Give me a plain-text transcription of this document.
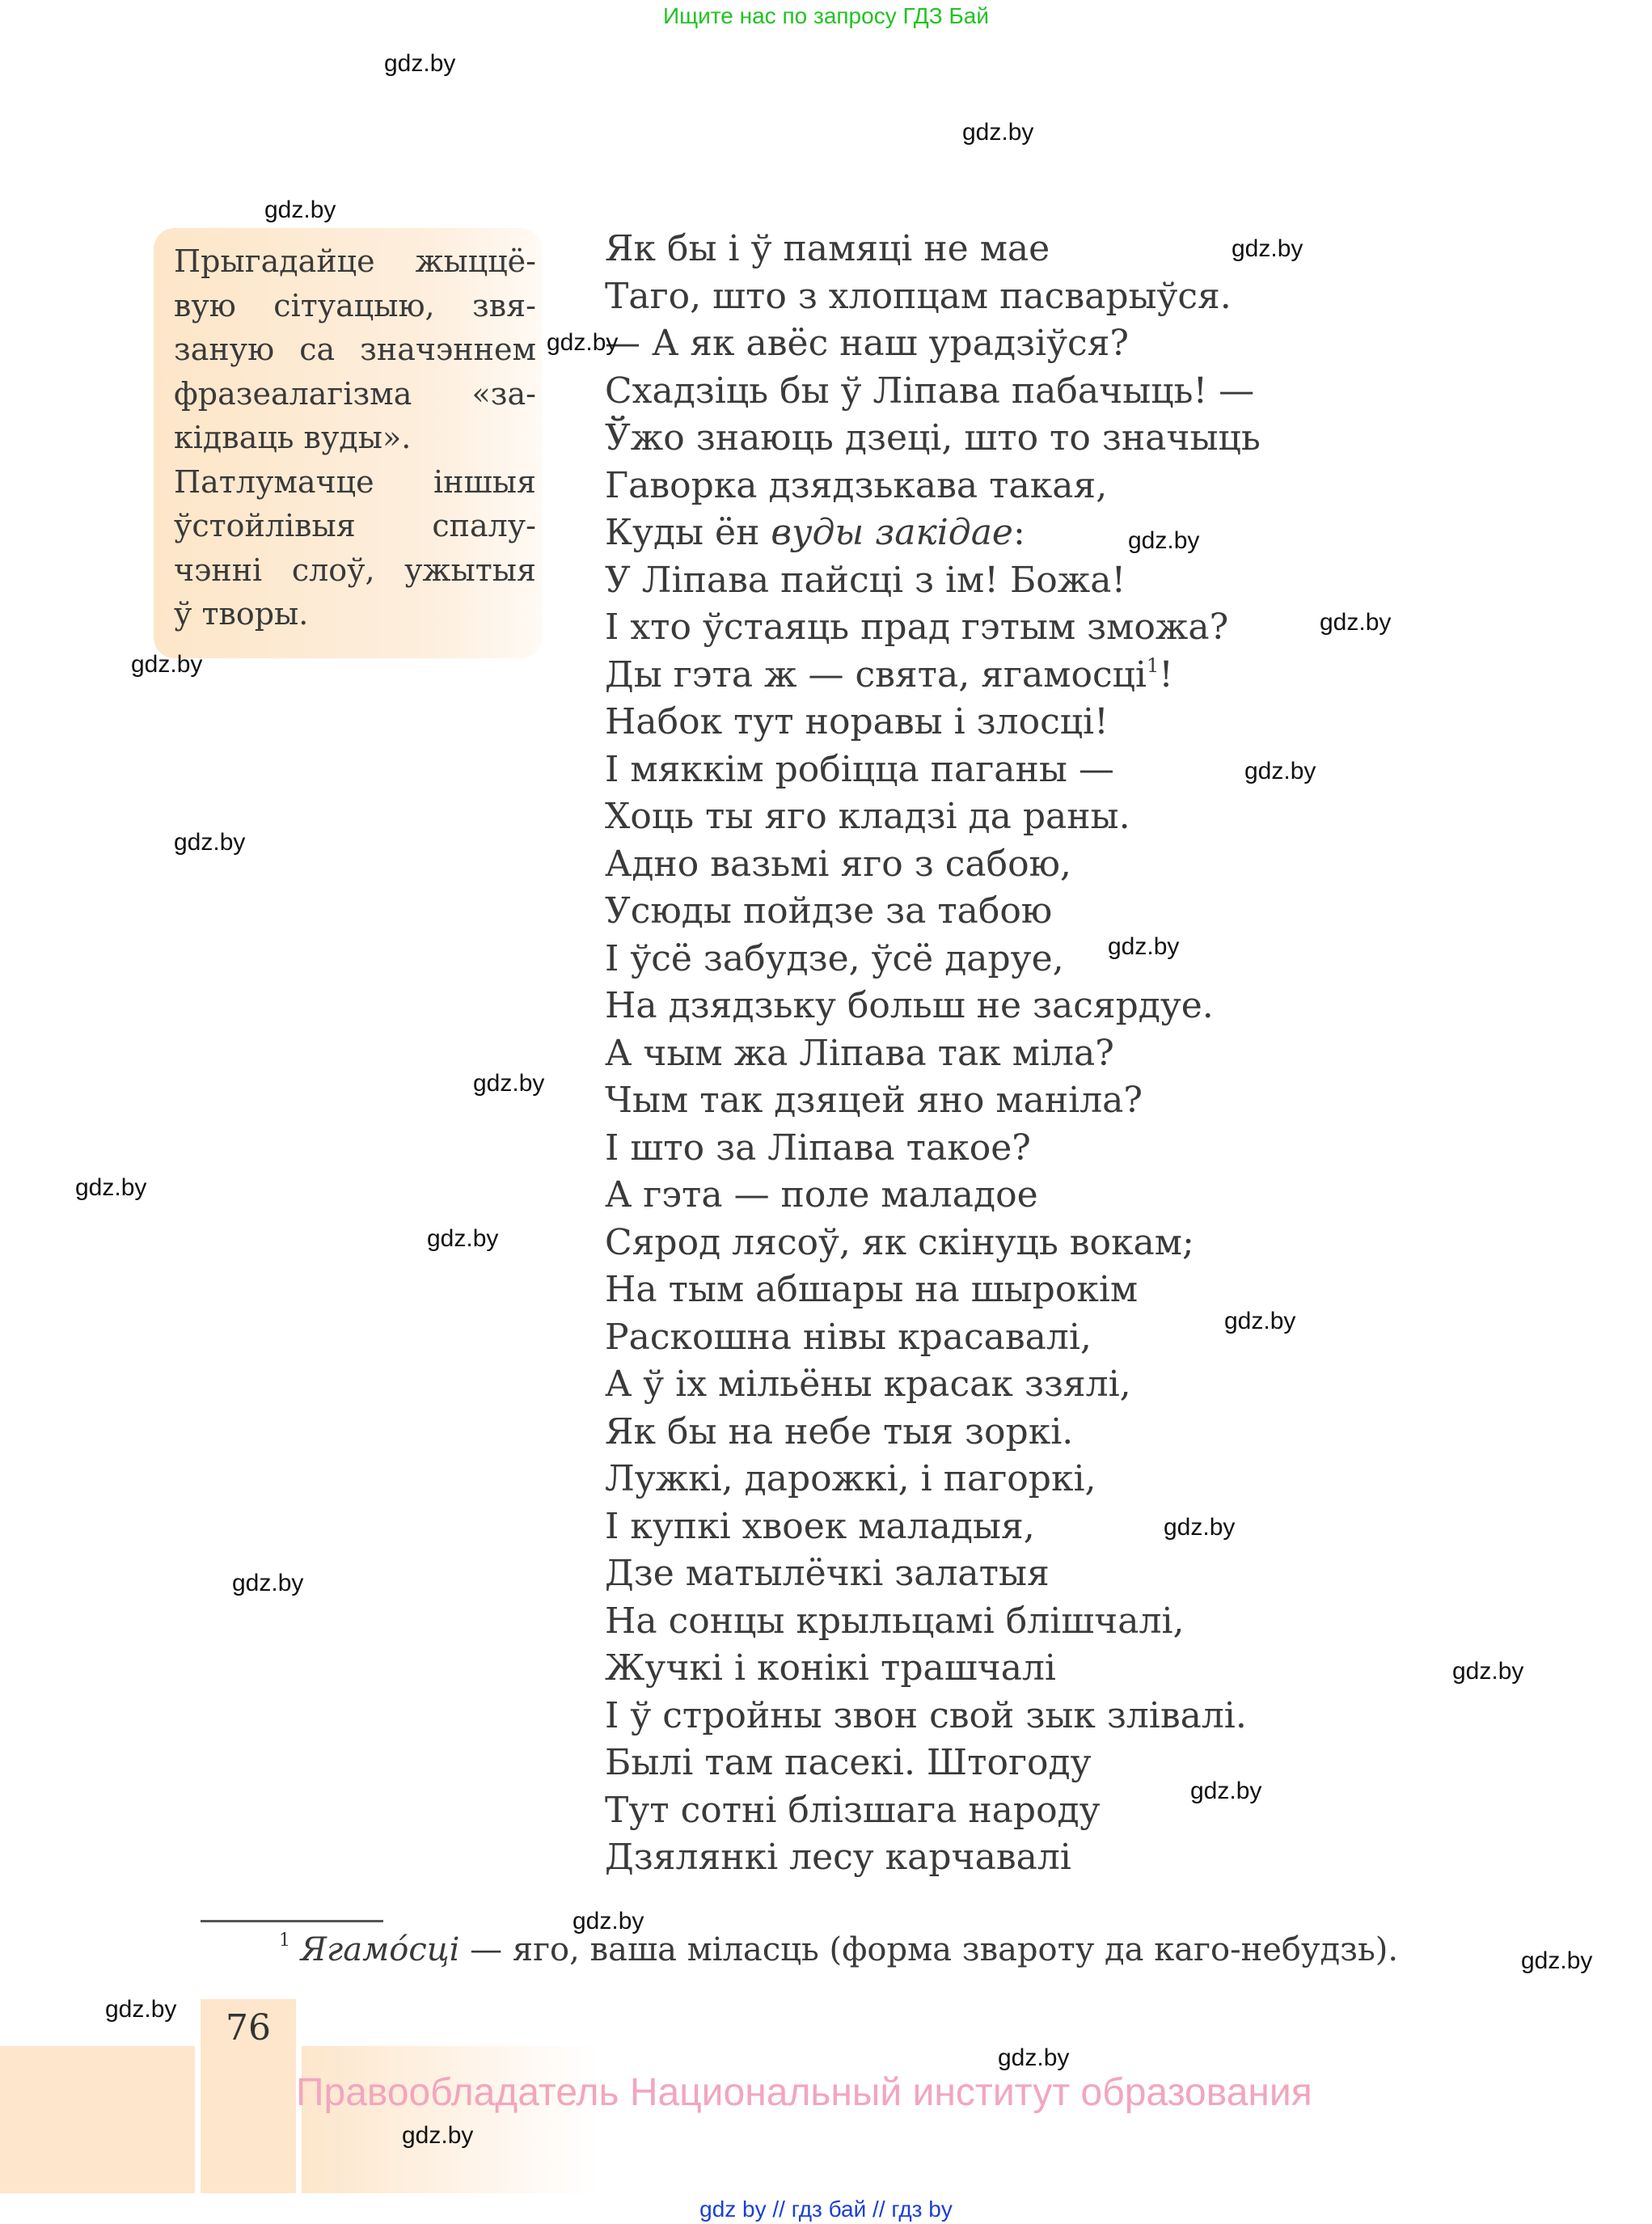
Ищите нас по запросу ГДЗ Бай
Прыгадайце жыццё-
вую сітуацыю, звя-
заную са значэннем
фразеалагізма «за-
кідваць вуды».
Патлумачце іншыя
ўстойлівыя спалу-
чэнні слоў, ужытыя
ў творы.
Як бы і ў памяці не мае
Таго, што з хлопцам пасварыўся.
— А як авёс наш урадзіўся?
Схадзіць бы ў Ліпава пабачыць! —
Ўжо знаюць дзеці, што то значыць
Гаворка дзядзькава такая,
Куды ён вуды закідае:
У Ліпава пайсці з ім! Божа!
І хто ўстаяць прад гэтым зможа?
Ды гэта ж — свята, ягамосці$^1$!
Набок тут норавы і злосці!
І мяккім робіцца паганы —
Хоць ты яго кладзі да раны.
Адно вазьмі яго з сабою,
Усюды пойдзе за табою
І ўсё забудзе, ўсё даруе,
На дзядзьку больш не засярдуе.
А чым жа Ліпава так міла?
Чым так дзяцей яно маніла?
І што за Ліпава такое?
А гэта — поле маладое
Сярод лясоў, як скінуць вокам;
На тым абшары на шырокім
Раскошна нівы красавалі,
А ў іх мільёны красак ззялі,
Як бы на небе тыя зоркі.
Лужкі, дарожкі, і пагоркі,
І купкі хвоек маладыя,
Дзе матылёчкі залатыя
На сонцы крыльцамі блішчалі,
Жучкі і конікі трашчалі
І ў стройны звон свой зык злівалі.
Былі там пасекі. Штогоду
Тут сотні блізшага народу
Дзялянкі лесу карчавалі
$^1$ Ягамо́сці — яго, ваша міласць (форма звароту да каго-небудзь).
76
Правообладатель Национальный институт образования
gdz by // гдз бай // гдз by
gdz.by
gdz.by
gdz.by
gdz.by
gdz.by
gdz.by
gdz.by
gdz.by
gdz.by
gdz.by
gdz.by
gdz.by
gdz.by
gdz.by
gdz.by
gdz.by
gdz.by
gdz.by
gdz.by
gdz.by
gdz.by
gdz.by
gdz.by
gdz.by
